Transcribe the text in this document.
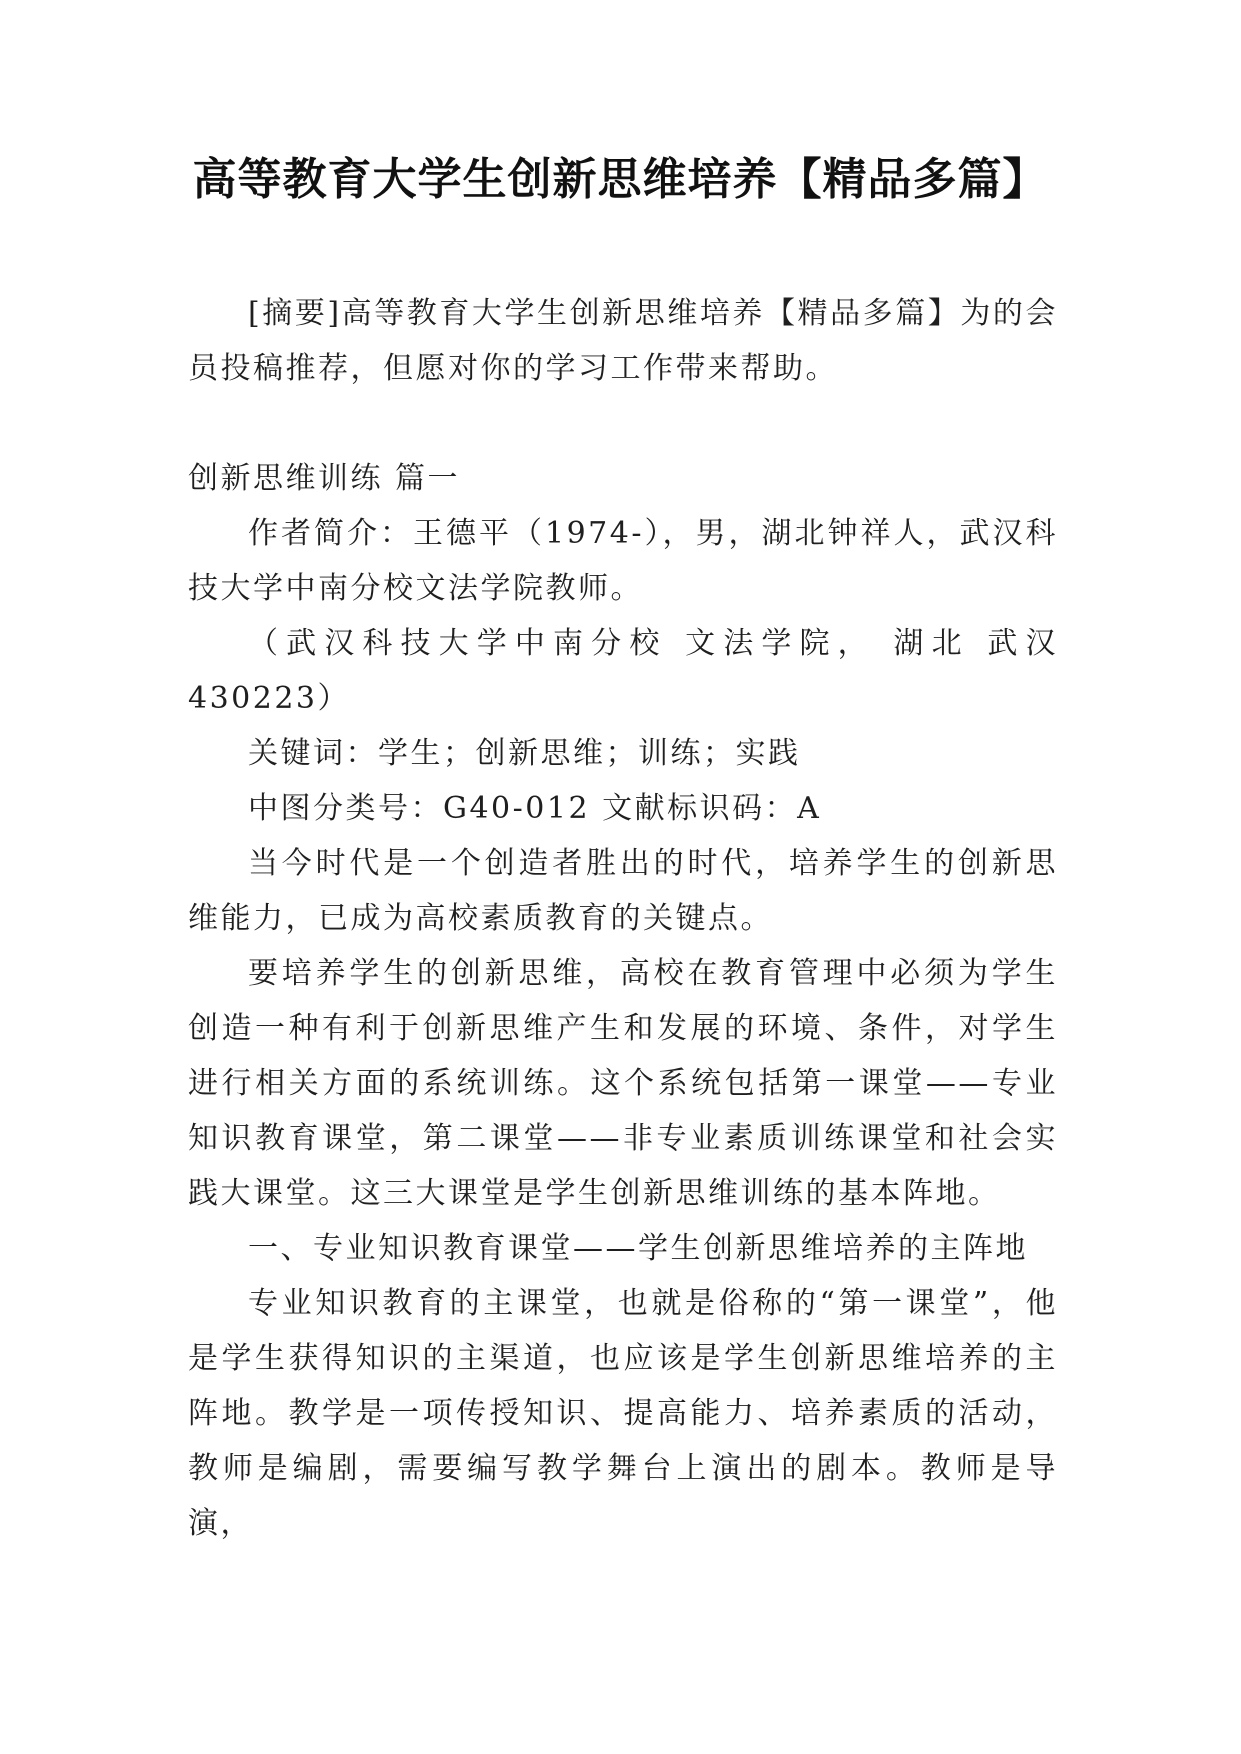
高等教育大学生创新思维培养【精品多篇】

[摘要]高等教育大学生创新思维培养【精品多篇】为的会员投稿推荐，但愿对你的学习工作带来帮助。

创新思维训练 篇一

作者简介：王德平（1974-），男，湖北钟祥人，武汉科技大学中南分校文法学院教师。

（武汉科技大学中南分校 文法学院， 湖北 武汉 430223）

关键词：学生；创新思维；训练；实践

中图分类号：G40-012 文献标识码：A

当今时代是一个创造者胜出的时代，培养学生的创新思维能力，已成为高校素质教育的关键点。

要培养学生的创新思维，高校在教育管理中必须为学生创造一种有利于创新思维产生和发展的环境、条件，对学生进行相关方面的系统训练。这个系统包括第一课堂——专业知识教育课堂，第二课堂——非专业素质训练课堂和社会实践大课堂。这三大课堂是学生创新思维训练的基本阵地。

一、专业知识教育课堂——学生创新思维培养的主阵地

专业知识教育的主课堂，也就是俗称的“第一课堂”，他是学生获得知识的主渠道，也应该是学生创新思维培养的主阵地。教学是一项传授知识、提高能力、培养素质的活动，教师是编剧，需要编写教学舞台上演出的剧本。教师是导演，
